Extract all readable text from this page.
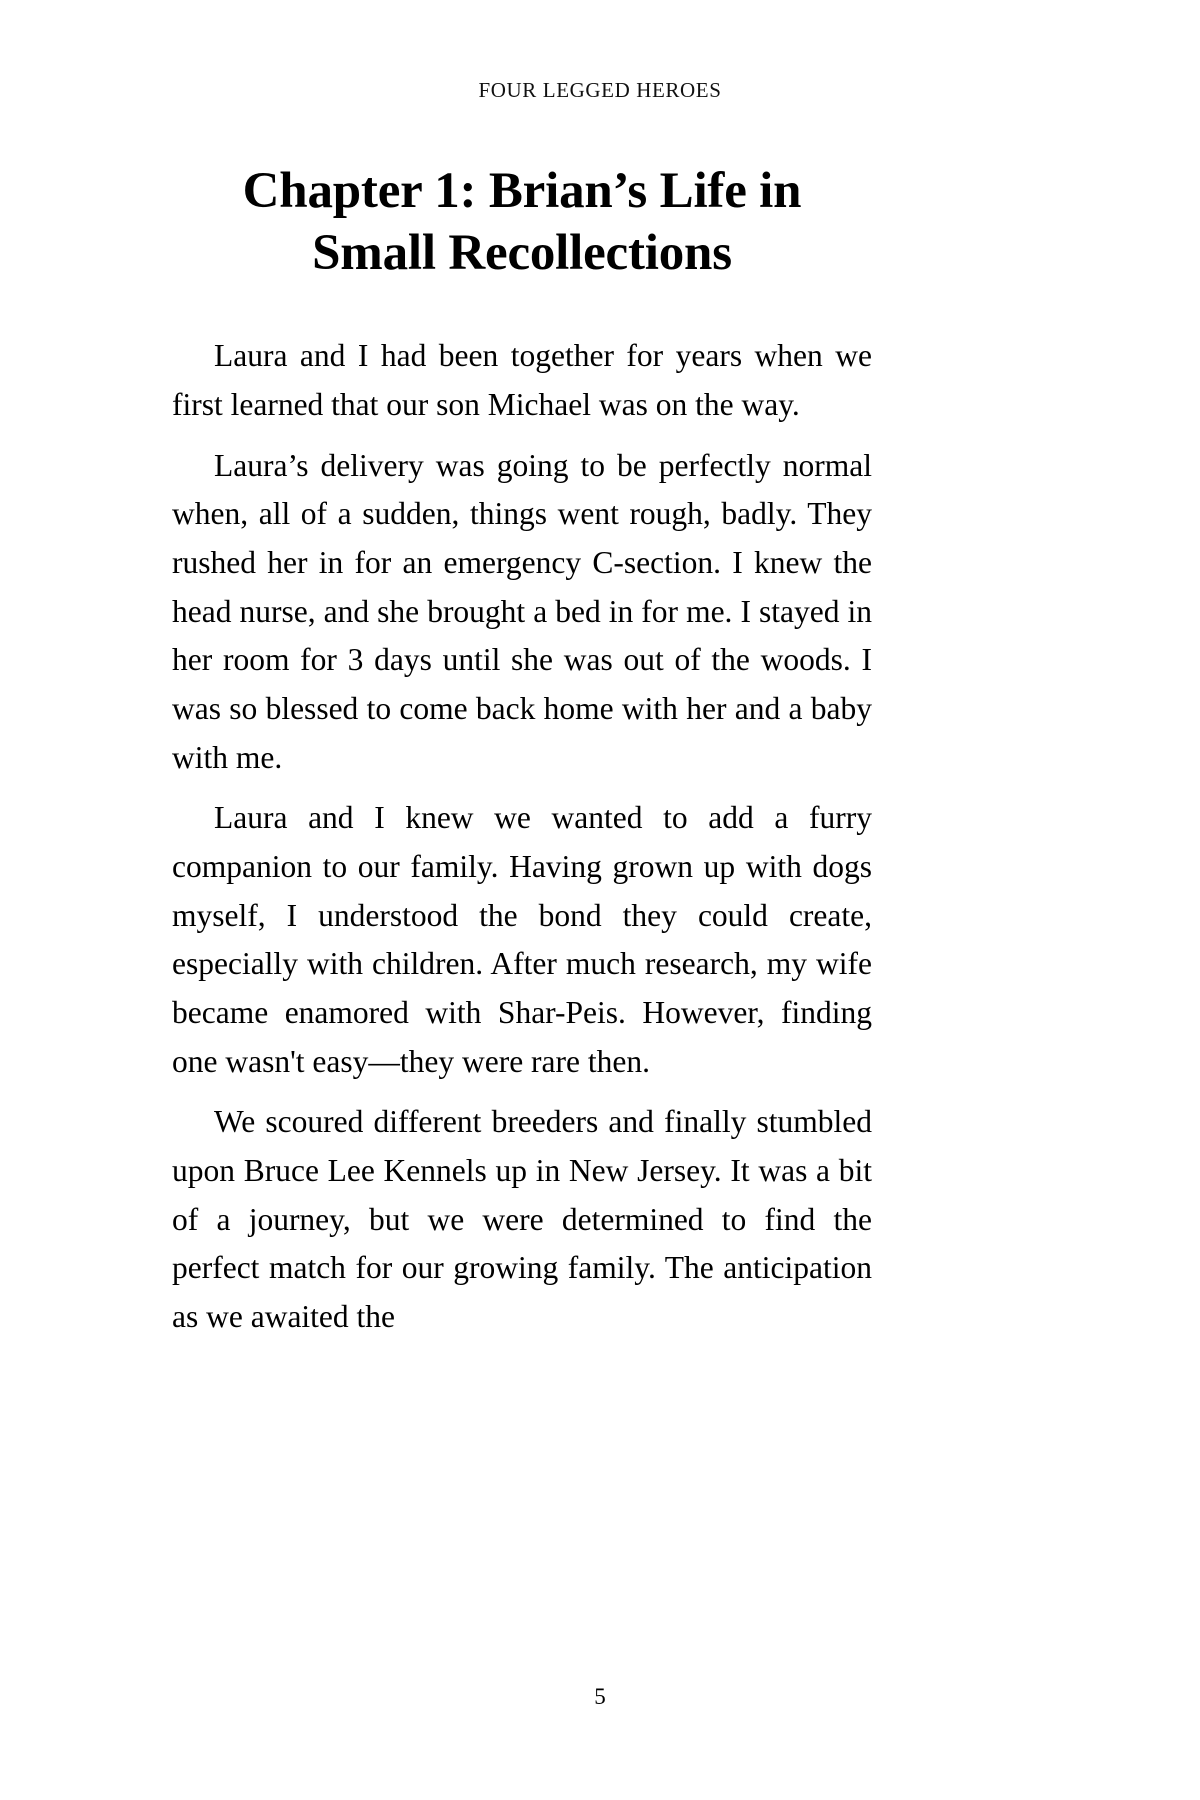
FOUR LEGGED HEROES
Chapter 1: Brian’s Life in Small Recollections

Laura and I had been together for years when we first learned that our son Michael was on the way.

Laura’s delivery was going to be perfectly normal when, all of a sudden, things went rough, badly. They rushed her in for an emergency C-section. I knew the head nurse, and she brought a bed in for me. I stayed in her room for 3 days until she was out of the woods. I was so blessed to come back home with her and a baby with me.

Laura and I knew we wanted to add a furry companion to our family. Having grown up with dogs myself, I understood the bond they could create, especially with children. After much research, my wife became enamored with Shar-Peis. However, finding one wasn't easy—they were rare then.

We scoured different breeders and finally stumbled upon Bruce Lee Kennels up in New Jersey. It was a bit of a journey, but we were determined to find the perfect match for our growing family. The anticipation as we awaited the

5
